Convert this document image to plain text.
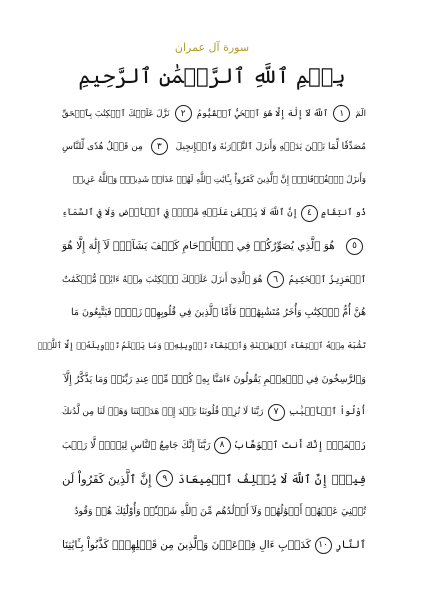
سورة آل عمران
بِسۡمِ ٱللَّهِ ٱلرَّحۡمَٰنِ ٱلرَّحِيمِ
الٓمٓ
١
ٱللَّهُ لَآ إِلَٰهَ إِلَّا هُوَ ٱلۡحَيُّ ٱلۡقَيُّومُ
٢
نَزَّلَ عَلَيۡكَ ٱلۡكِتَٰبَ بِٱلۡحَقِّ
مُصَدِّقٗا لِّمَا بَيۡنَ يَدَيۡهِ وَأَنزَلَ ٱلتَّوۡرَىٰةَ وَٱلۡإِنجِيلَ
٣
مِن قَبۡلُ هُدٗى لِّلنَّاسِ
وَأَنزَلَ ٱلۡفُرۡقَانَۗ إِنَّ ٱلَّذِينَ كَفَرُواْ بِـَٔايَٰتِ ٱللَّهِ لَهُمۡ عَذَابٞ شَدِيدٞۗ وَٱللَّهُ عَزِيزٞ
ذُو ٱنتِقَامٍ
٤
إِنَّ ٱللَّهَ لَا يَخۡفَىٰ عَلَيۡهِ شَيۡءٞ فِي ٱلۡأَرۡضِ وَلَا فِي ٱلسَّمَآءِ
٥
هُوَ ٱلَّذِي يُصَوِّرُكُمۡ فِي ٱلۡأَرۡحَامِ كَيۡفَ يَشَآءُۚ لَآ إِلَٰهَ إِلَّا هُوَ
ٱلۡعَزِيزُ ٱلۡحَكِيمُ
٦
هُوَ ٱلَّذِيٓ أَنزَلَ عَلَيۡكَ ٱلۡكِتَٰبَ مِنۡهُ ءَايَٰتٞ مُّحۡكَمَٰتٌ
هُنَّ أُمُّ ٱلۡكِتَٰبِ وَأُخَرُ مُتَشَٰبِهَٰتٞۖ فَأَمَّا ٱلَّذِينَ فِي قُلُوبِهِمۡ زَيۡغٞ فَيَتَّبِعُونَ مَا
تَشَٰبَهَ مِنۡهُ ٱبۡتِغَآءَ ٱلۡفِتۡنَةِ وَٱبۡتِغَآءَ تَأۡوِيلِهِۦۖ وَمَا يَعۡلَمُ تَأۡوِيلَهُۥٓ إِلَّا ٱللَّهُۗ
وَٱلرَّٰسِخُونَ فِي ٱلۡعِلۡمِ يَقُولُونَ ءَامَنَّا بِهِۦ كُلّٞ مِّنۡ عِندِ رَبِّنَاۗ وَمَا يَذَّكَّرُ إِلَّآ
أُوْلُواْ ٱلۡأَلۡبَٰبِ
٧
رَبَّنَا لَا تُزِغۡ قُلُوبَنَا بَعۡدَ إِذۡ هَدَيۡتَنَا وَهَبۡ لَنَا مِن لَّدُنكَ
رَحۡمَةًۚ إِنَّكَ أَنتَ ٱلۡوَهَّابُ
٨
رَبَّنَآ إِنَّكَ جَامِعُ ٱلنَّاسِ لِيَوۡمٖ لَّا رَيۡبَ
فِيهِۚ إِنَّ ٱللَّهَ لَا يُخۡلِفُ ٱلۡمِيعَادَ
٩
إِنَّ ٱلَّذِينَ كَفَرُواْ لَن
تُغۡنِيَ عَنۡهُمۡ أَمۡوَٰلُهُمۡ وَلَآ أَوۡلَٰدُهُم مِّنَ ٱللَّهِ شَيۡـٔٗاۖ وَأُوْلَٰٓئِكَ هُمۡ وَقُودُ
ٱلنَّارِ
١٠
كَدَأۡبِ ءَالِ فِرۡعَوۡنَ وَٱلَّذِينَ مِن قَبۡلِهِمۡۚ كَذَّبُواْ بِـَٔايَٰتِنَا
